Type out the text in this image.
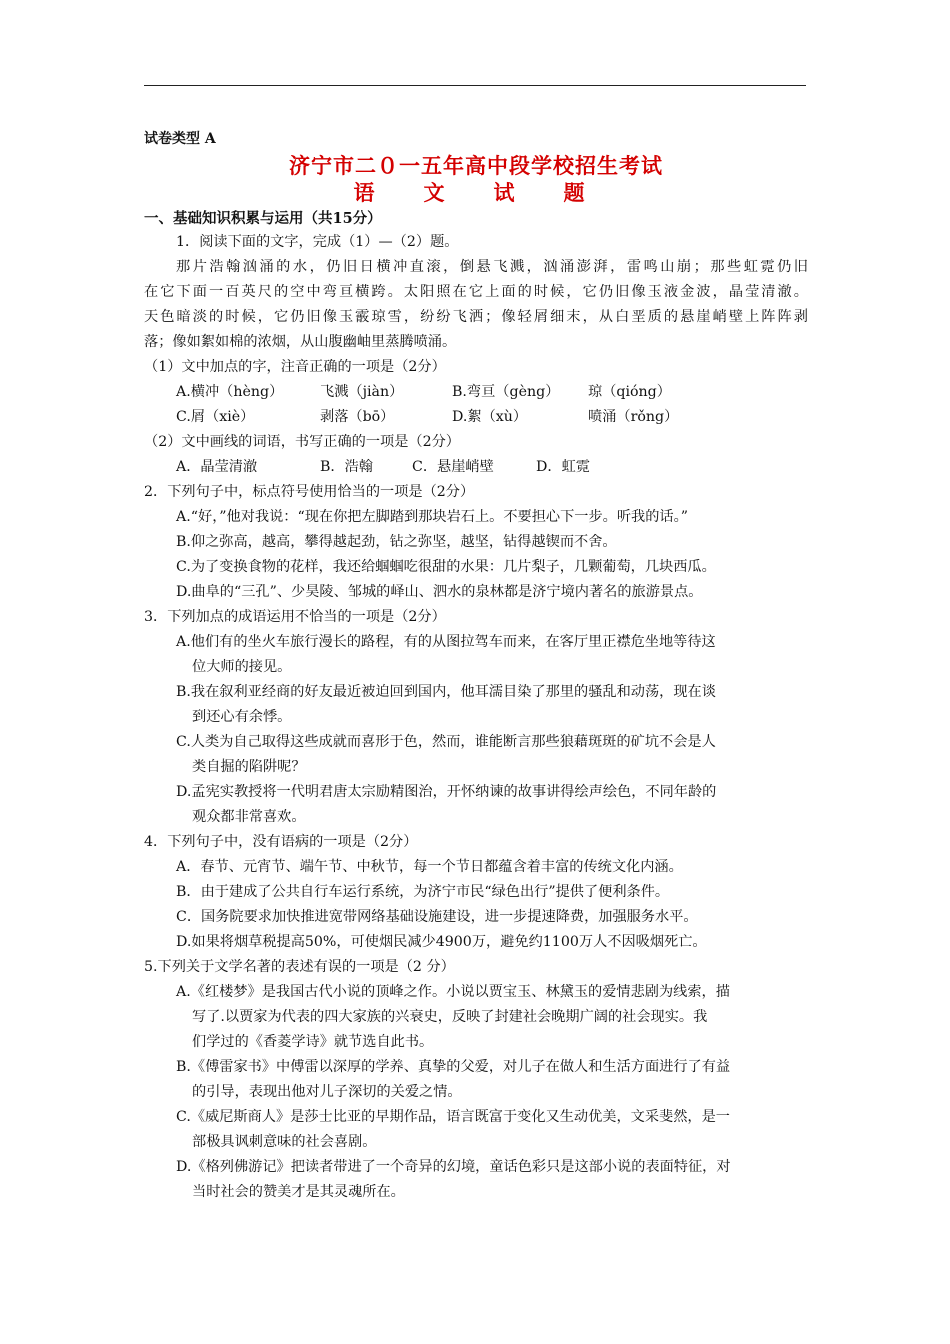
试卷类型 A
济宁市二０一五年高中段学校招生考试
语　文　试　题
一、基础知识积累与运用（共15分）
1．阅读下面的文字，完成（1）—（2）题。
那片浩翰汹涌的水，仍旧日横冲直滚，倒悬飞溅，汹涌澎湃，雷鸣山崩；那些虹霓仍旧
在它下面一百英尺的空中弯亘横跨。太阳照在它上面的时候，它仍旧像玉液金波，晶莹清澈。
天色暗淡的时候，它仍旧像玉霰琼雪，纷纷飞洒；像轻屑细末，从白垩质的悬崖峭壁上阵阵剥
落；像如絮如棉的浓烟，从山腹幽岫里蒸腾喷涌。
（1）文中加点的字，注音正确的一项是（2分）
A.横冲（hèng）	飞溅（jiàn）	B.弯亘（gèng）	琼（qióng）
C.屑（xiè）	剥落（bō）	D.絮（xù）	喷涌（rǒng）
（2）文中画线的词语，书写正确的一项是（2分）
A．晶莹清澈	B．浩翰	C．悬崖峭壁	D．虹霓
2．下列句子中，标点符号使用恰当的一项是（2分）
A.“好，”他对我说：“现在你把左脚踏到那块岩石上。不要担心下一步。听我的话。”
B.仰之弥高，越高，攀得越起劲，钻之弥坚，越坚，钻得越锲而不舍。
C.为了变换食物的花样，我还给蝈蝈吃很甜的水果：几片梨子，几颗葡萄，几块西瓜。
D.曲阜的“三孔”、少昊陵、邹城的峄山、泗水的泉林都是济宁境内著名的旅游景点。
3．下列加点的成语运用不恰当的一项是（2分）
A.他们有的坐火车旅行漫长的路程，有的从图拉驾车而来，在客厅里正襟危坐地等待这
位大师的接见。
B.我在叙利亚经商的好友最近被迫回到国内，他耳濡目染了那里的骚乱和动荡，现在谈
到还心有余悸。
C.人类为自己取得这些成就而喜形于色，然而，谁能断言那些狼藉斑斑的矿坑不会是人
类自掘的陷阱呢？
D.孟宪实教授将一代明君唐太宗励精图治，开怀纳谏的故事讲得绘声绘色，不同年龄的
观众都非常喜欢。
4．下列句子中，没有语病的一项是（2分）
A．春节、元宵节、端午节、中秋节，每一个节日都蕴含着丰富的传统文化内涵。
B．由于建成了公共自行车运行系统，为济宁市民“绿色出行”提供了便利条件。
C．国务院要求加快推进宽带网络基础设施建设，进一步提速降费，加强服务水平。
D.如果将烟草税提高50%，可使烟民减少4900万，避免约1100万人不因吸烟死亡。
5.下列关于文学名著的表述有误的一项是（2 分）
A.《红楼梦》是我国古代小说的顶峰之作。小说以贾宝玉、林黛玉的爱情悲剧为线索，描
写了.以贾家为代表的四大家族的兴衰史，反映了封建社会晚期广阔的社会现实。我
们学过的《香菱学诗》就节选自此书。
B.《傅雷家书》中傅雷以深厚的学养、真挚的父爱，对儿子在做人和生活方面进行了有益
的引导，表现出他对儿子深切的关爱之情。
C.《威尼斯商人》是莎士比亚的早期作品，语言既富于变化又生动优美，文采斐然，是一
部极具讽刺意味的社会喜剧。
D.《格列佛游记》把读者带进了一个奇异的幻境，童话色彩只是这部小说的表面特征，对
当时社会的赞美才是其灵魂所在。
